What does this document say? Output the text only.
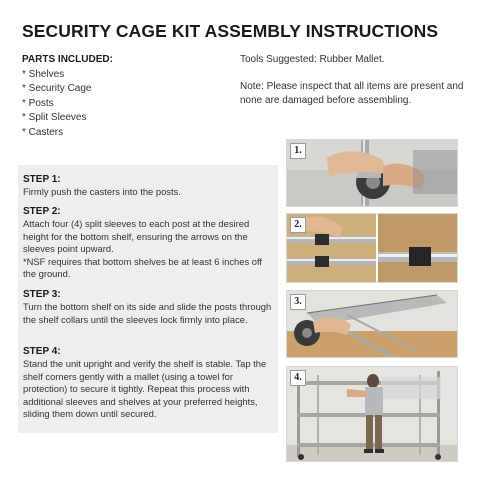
SECURITY CAGE KIT ASSEMBLY INSTRUCTIONS
PARTS INCLUDED:
* Shelves
* Security Cage
* Posts
* Split Sleeves
* Casters
Tools Suggested: Rubber Mallet.
Note: Please inspect that all items are present and none are damaged before assembling.
STEP 1:
Firmly push the casters into the posts.
STEP 2:
Attach four (4) split sleeves to each post at the desired height for the bottom shelf, ensuring the arrows on the sleeves point upward.
*NSF requires that bottom shelves be at least 6 inches off the ground.
STEP 3:
Turn the bottom shelf on its side and slide the posts through the shelf collars until the sleeves lock firmly into place.
STEP 4:
Stand the unit upright and verify the shelf is stable. Tap the shelf corners gently with a mallet (using a towel for protection) to secure it tightly. Repeat this process with additional sleeves and shelves at your preferred heights, sliding them down until secured.
1.
2.
3.
4.
